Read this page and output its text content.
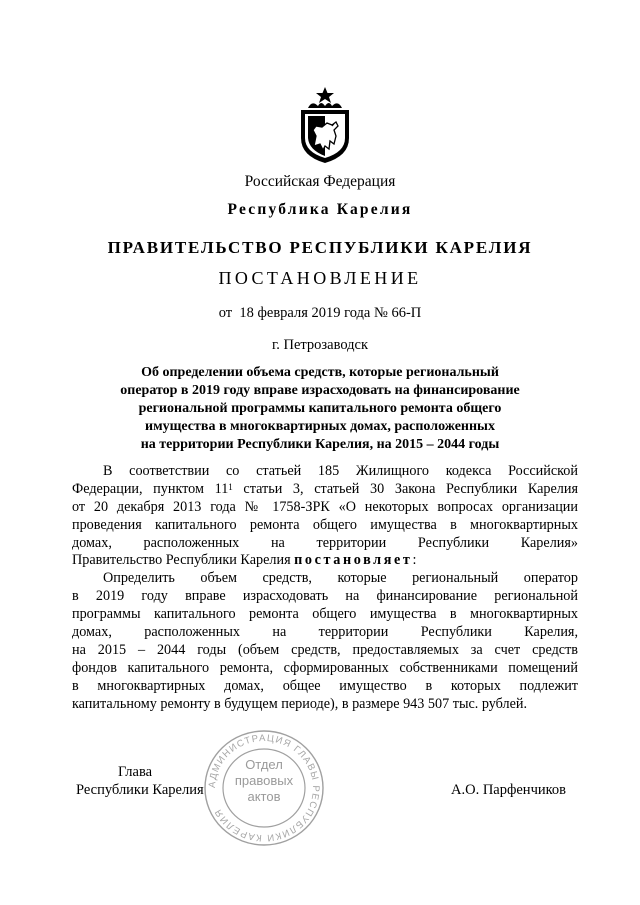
Российская Федерация
Республика Карелия
ПРАВИТЕЛЬСТВО РЕСПУБЛИКИ КАРЕЛИЯ
ПОСТАНОВЛЕНИЕ
от  18 февраля 2019 года № 66-П
г. Петрозаводск
Об определении объема средств, которые региональный
оператор в 2019 году вправе израсходовать на финансирование
региональной программы капитального ремонта общего
имущества в многоквартирных домах, расположенных
на территории Республики Карелия, на 2015 – 2044 годы
В соответствии со статьей 185 Жилищного кодекса Российской
Федерации, пунктом $11^1$ статьи 3, статьей 30 Закона Республики Карелия
от 20 декабря 2013 года № 1758-ЗРК «О некоторых вопросах организации
проведения капитального ремонта общего имущества в многоквартирных
домах, расположенных на территории Республики Карелия»
Правительство Республики Карелия постановляет:
Определить объем средств, которые региональный оператор
в 2019 году вправе израсходовать на финансирование региональной
программы капитального ремонта общего имущества в многоквартирных
домах, расположенных на территории Республики Карелия,
на 2015 – 2044 годы (объем средств, предоставляемых за счет средств
фондов капитального ремонта, сформированных собственниками помещений
в многоквартирных домах, общее имущество в которых подлежит
капитальному ремонту в будущем периоде), в размере 943 507 тыс. рублей.
АДМИНИСТРАЦИЯ ГЛАВЫ РЕСПУБЛИКИ КАРЕЛИЯ
Отдел
правовых
актов
Глава
Республики Карелия	А.О. Парфенчиков
